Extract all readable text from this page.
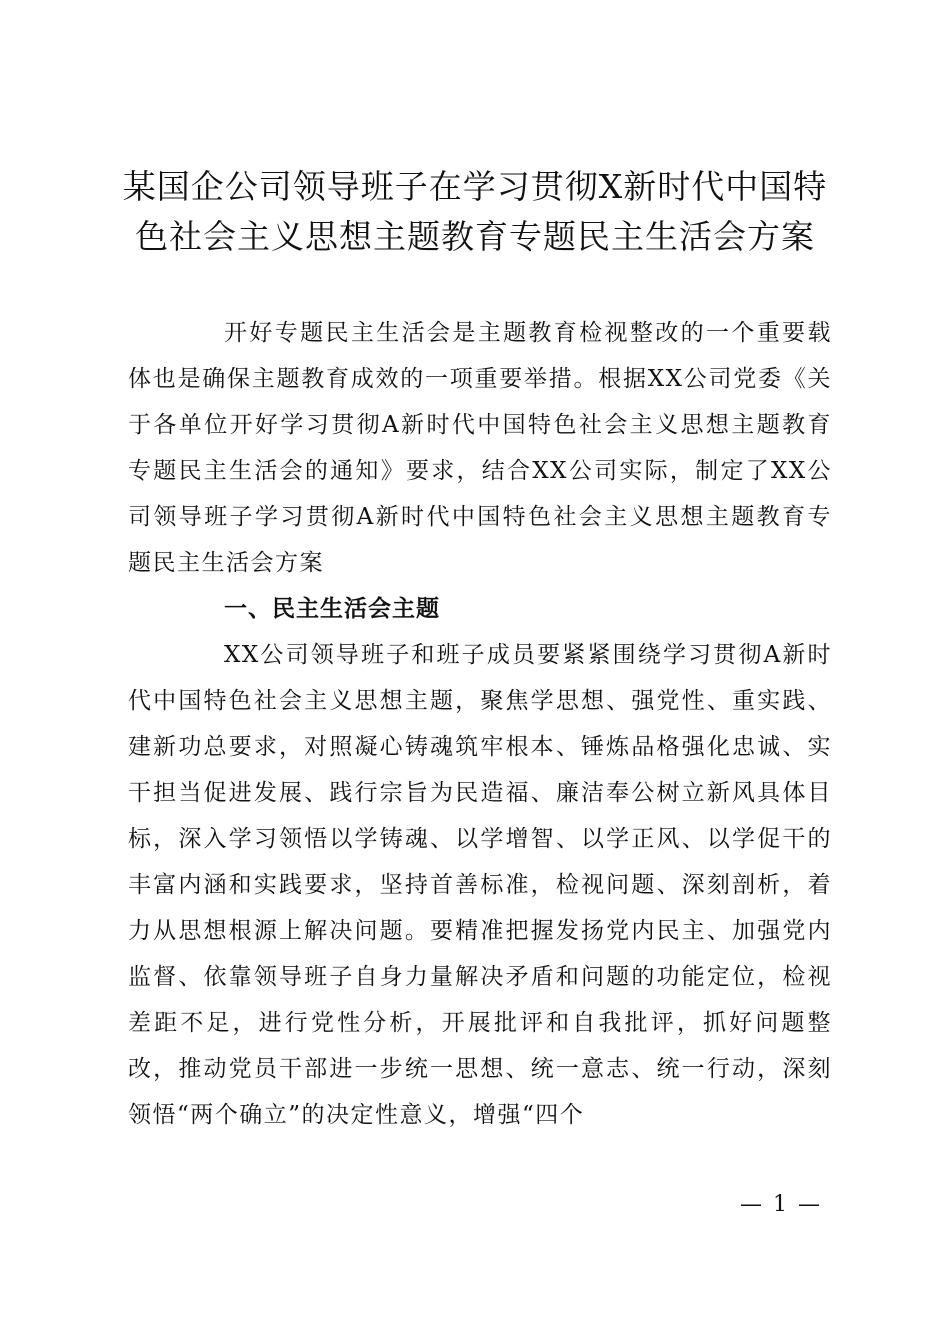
某国企公司领导班子在学习贯彻X新时代中国特色社会主义思想主题教育专题民主生活会方案

开好专题民主生活会是主题教育检视整改的一个重要载体也是确保主题教育成效的一项重要举措。根据XX公司党委《关于各单位开好学习贯彻A新时代中国特色社会主义思想主题教育专题民主生活会的通知》要求，结合XX公司实际，制定了XX公司领导班子学习贯彻A新时代中国特色社会主义思想主题教育专题民主生活会方案

一、民主生活会主题

XX公司领导班子和班子成员要紧紧围绕学习贯彻A新时代中国特色社会主义思想主题，聚焦学思想、强党性、重实践、建新功总要求，对照凝心铸魂筑牢根本、锤炼品格强化忠诚、实干担当促进发展、践行宗旨为民造福、廉洁奉公树立新风具体目标，深入学习领悟以学铸魂、以学增智、以学正风、以学促干的丰富内涵和实践要求，坚持首善标准，检视问题、深刻剖析，着力从思想根源上解决问题。要精准把握发扬党内民主、加强党内监督、依靠领导班子自身力量解决矛盾和问题的功能定位，检视差距不足，进行党性分析，开展批评和自我批评，抓好问题整改，推动党员干部进一步统一思想、统一意志、统一行动，深刻领悟“两个确立”的决定性意义，增强“四个

— 1 —
